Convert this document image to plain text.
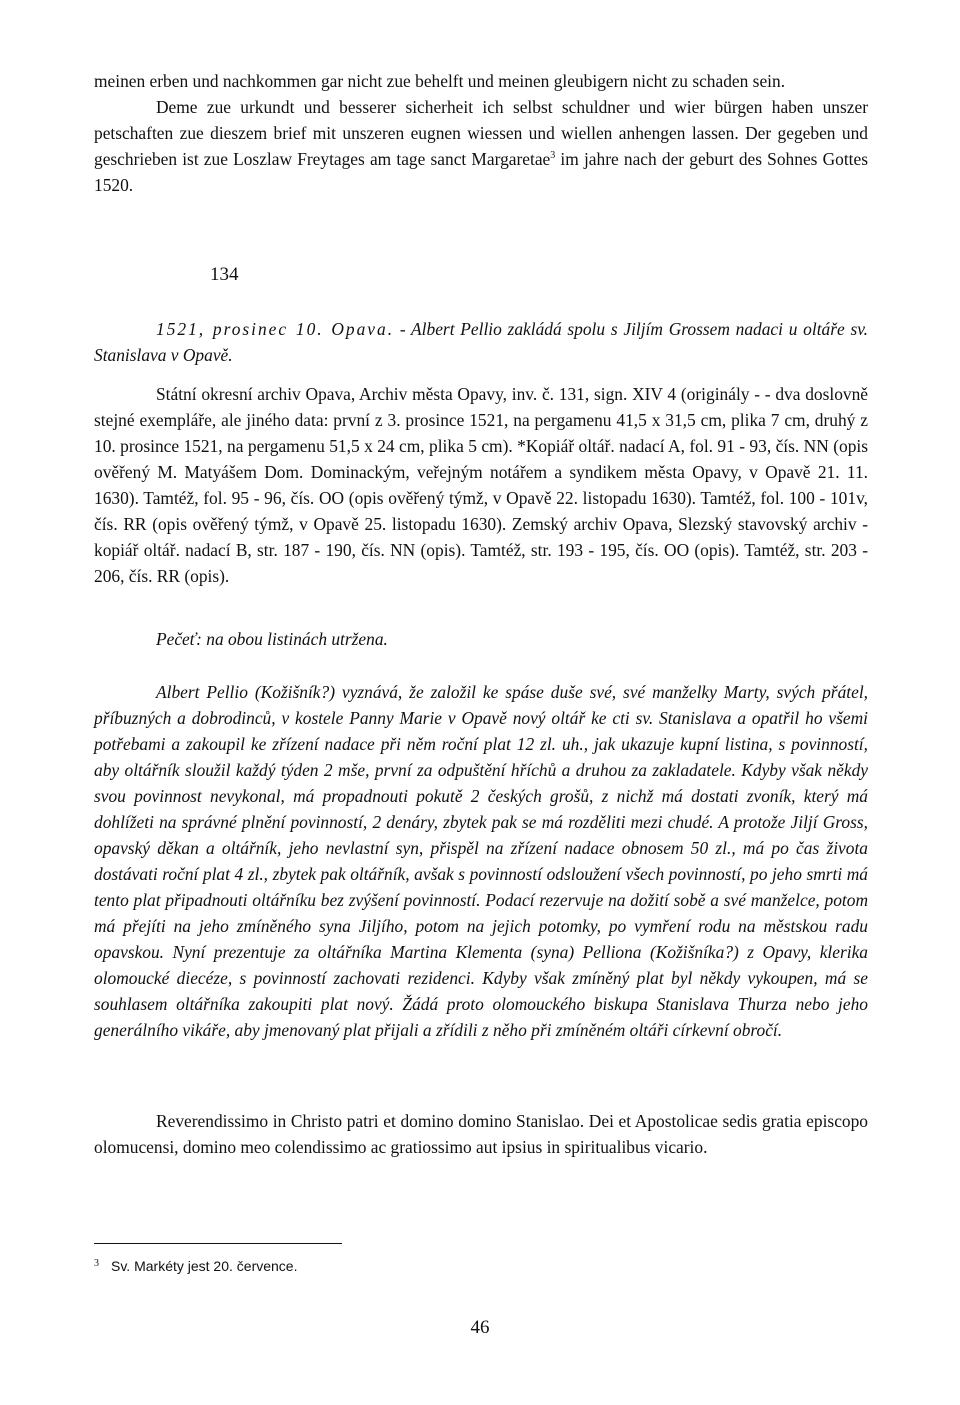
meinen erben und nachkommen gar nicht zue behelft und meinen gleubigern nicht zu schaden sein.

Deme zue urkundt und besserer sicherheit ich selbst schuldner und wier bürgen haben unszer petschaften zue dieszem brief mit unszeren eugnen wiessen und wiellen anhengen lassen. Der gegeben und geschrieben ist zue Loszlaw Freytages am tage sanct Margaretae$^3$ im jahre nach der geburt des Sohnes Gottes 1520.

134

1521, prosinec 10. Opava. - Albert Pellio zakládá spolu s Jiljím Grossem nadaci u oltáře sv. Stanislava v Opavě.

Státní okresní archiv Opava, Archiv města Opavy, inv. č. 131, sign. XIV 4 (originály - - dva doslovně stejné exempláře, ale jiného data: první z 3. prosince 1521, na pergamenu 41,5 x 31,5 cm, plika 7 cm, druhý z 10. prosince 1521, na pergamenu 51,5 x 24 cm, plika 5 cm). *Kopiář oltář. nadací A, fol. 91 - 93, čís. NN (opis ověřený M. Matyášem Dom. Dominackým, veřejným notářem a syndikem města Opavy, v Opavě 21. 11. 1630). Tamtéž, fol. 95 - 96, čís. OO (opis ověřený týmž, v Opavě 22. listopadu 1630). Tamtéž, fol. 100 - 101v, čís. RR (opis ověřený týmž, v Opavě 25. listopadu 1630). Zemský archiv Opava, Slezský stavovský archiv - kopiář oltář. nadací B, str. 187 - 190, čís. NN (opis). Tamtéž, str. 193 - 195, čís. OO (opis). Tamtéž, str. 203 - 206, čís. RR (opis).

Pečeť: na obou listinách utržena.

Albert Pellio (Kožišník?) vyznává, že založil ke spáse duše své, své manželky Marty, svých přátel, příbuzných a dobrodinců, v kostele Panny Marie v Opavě nový oltář ke cti sv. Stanislava a opatřil ho všemi potřebami a zakoupil ke zřízení nadace při něm roční plat 12 zl. uh., jak ukazuje kupní listina, s povinností, aby oltářník sloužil každý týden 2 mše, první za odpuštění hříchů a druhou za zakladatele. Kdyby však někdy svou povinnost nevykonal, má propadnouti pokutě 2 českých grošů, z nichž má dostati zvoník, který má dohlížeti na správné plnění povinností, 2 denáry, zbytek pak se má rozděliti mezi chudé. A protože Jiljí Gross, opavský děkan a oltářník, jeho nevlastní syn, přispěl na zřízení nadace obnosem 50 zl., má po čas života dostávati roční plat 4 zl., zbytek pak oltářník, avšak s povinností odsloužení všech povinností, po jeho smrti má tento plat připadnouti oltářníku bez zvýšení povinností. Podací rezervuje na dožití sobě a své manželce, potom má přejíti na jeho zmíněného syna Jiljího, potom na jejich potomky, po vymření rodu na městskou radu opavskou. Nyní prezentuje za oltářníka Martina Klementa (syna) Pelliona (Kožišníka?) z Opavy, klerika olomoucké diecéze, s povinností zachovati rezidenci. Kdyby však zmíněný plat byl někdy vykoupen, má se souhlasem oltářníka zakoupiti plat nový. Žádá proto olomouckého biskupa Stanislava Thurza nebo jeho generálního vikáře, aby jmenovaný plat přijali a zřídili z něho při zmíněném oltáři církevní obročí.

Reverendissimo in Christo patri et domino domino Stanislao. Dei et Apostolicae sedis gratia episcopo olomucensi, domino meo colendissimo ac gratiossimo aut ipsius in spiritualibus vicario.

$^3$ Sv. Markéty jest 20. července.

46
